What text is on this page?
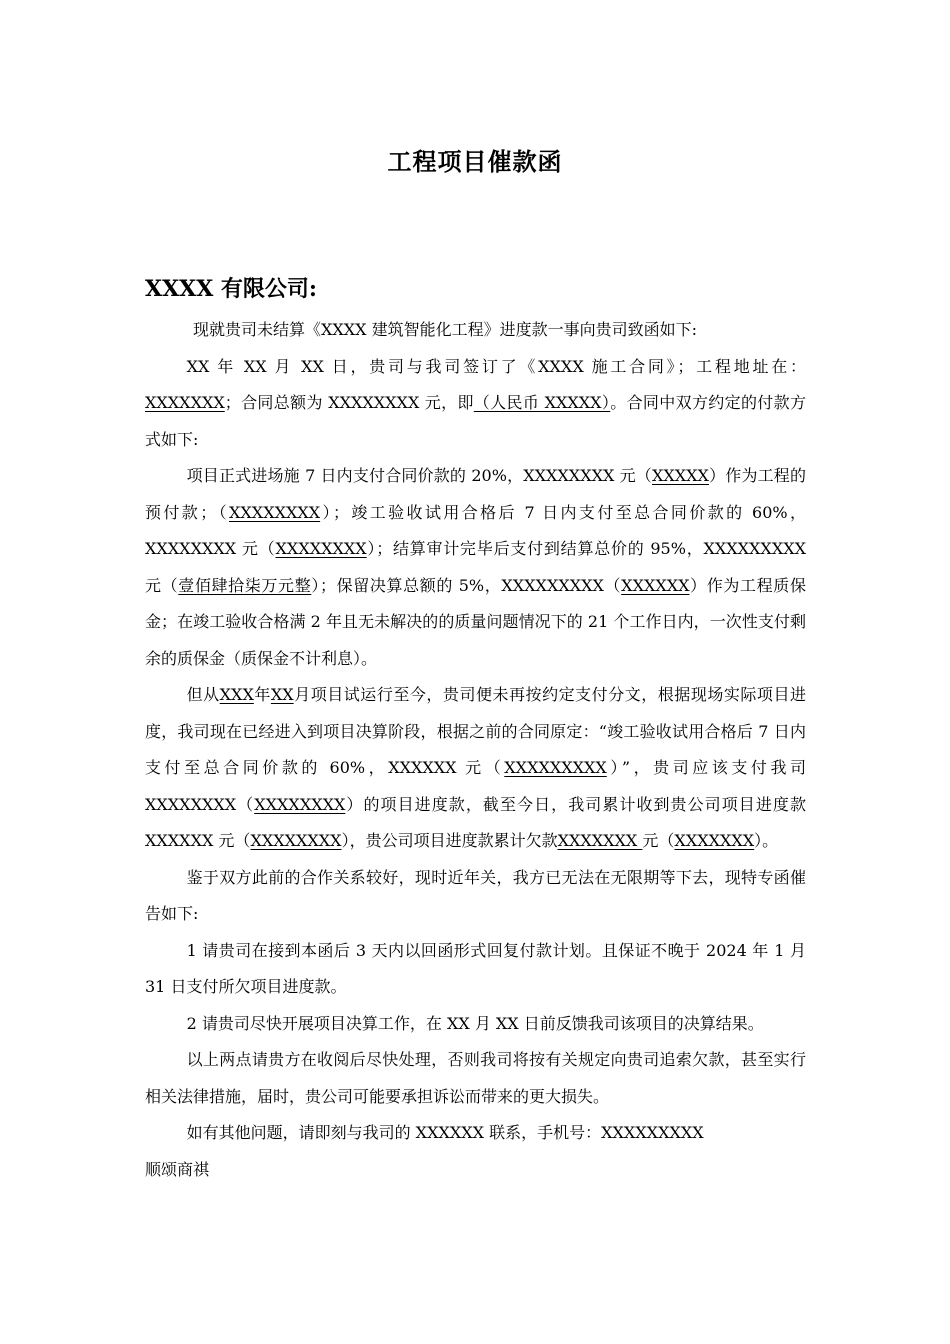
工程项目催款函
XXXX 有限公司:

现就贵司未结算《XXXX 建筑智能化工程》进度款一事向贵司致函如下:

XX 年 XX 月 XX 日，贵司与我司签订了《XXXX 施工合同》；工程地址在：XXXXXXX；合同总额为 XXXXXXXX 元，即（人民币 XXXXX）。合同中双方约定的付款方式如下:

项目正式进场施 7 日内支付合同价款的 20%，XXXXXXXX 元（XXXXX）作为工程的预付款；（XXXXXXXX）；竣工验收试用合格后 7 日内支付至总合同价款的 60%，XXXXXXXX 元（XXXXXXXX）；结算审计完毕后支付到结算总价的 95%，XXXXXXXXX 元（壹佰肆拾柒万元整）；保留决算总额的 5%，XXXXXXXXX（XXXXXX）作为工程质保金；在竣工验收合格满 2 年且无未解决的的质量问题情况下的 21 个工作日内，一次性支付剩余的质保金（质保金不计利息）。

但从XXX年XX月项目试运行至今，贵司便未再按约定支付分文，根据现场实际项目进度，我司现在已经进入到项目决算阶段，根据之前的合同原定：“竣工验收试用合格后 7 日内支付至总合同价款的 60%，XXXXXX 元（XXXXXXXXX）”，贵司应该支付我司 XXXXXXXX（XXXXXXXX）的项目进度款，截至今日，我司累计收到贵公司项目进度款 XXXXXX 元（XXXXXXXX），贵公司项目进度款累计欠款XXXXXXX 元（XXXXXXX）。

鉴于双方此前的合作关系较好，现时近年关，我方已无法在无限期等下去，现特专函催告如下:

1 请贵司在接到本函后 3 天内以回函形式回复付款计划。且保证不晚于 2024 年 1 月 31 日支付所欠项目进度款。

2 请贵司尽快开展项目决算工作，在 XX 月 XX 日前反馈我司该项目的决算结果。

以上两点请贵方在收阅后尽快处理，否则我司将按有关规定向贵司追索欠款，甚至实行相关法律措施，届时，贵公司可能要承担诉讼而带来的更大损失。

如有其他问题，请即刻与我司的 XXXXXX 联系，手机号：XXXXXXXXX

顺颂商祺
